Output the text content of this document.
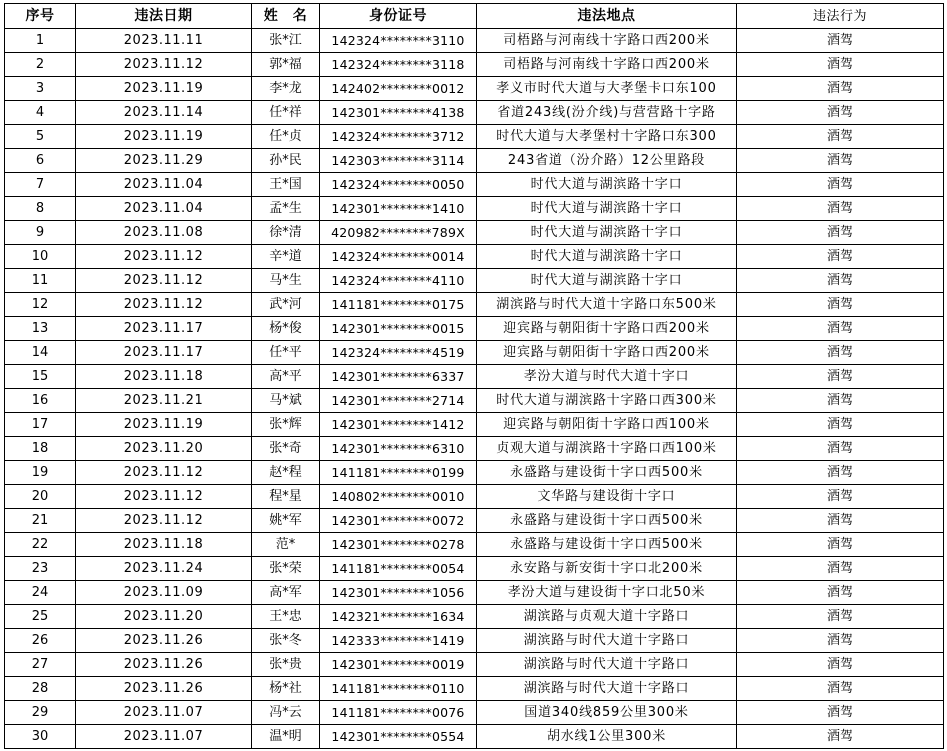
序号	违法日期	姓　名	身份证号	违法地点	违法行为
1	2023.11.11	张*江	142324********3110	司梧路与河南线十字路口西200米	酒驾
2	2023.11.12	郭*福	142324********3118	司梧路与河南线十字路口西200米	酒驾
3	2023.11.19	李*龙	142402********0012	孝义市时代大道与大孝堡卡口东100	酒驾
4	2023.11.14	任*祥	142301********4138	省道243线(汾介线)与营营路十字路	酒驾
5	2023.11.19	任*贞	142324********3712	时代大道与大孝堡村十字路口东300	酒驾
6	2023.11.29	孙*民	142303********3114	243省道（汾介路）12公里路段	酒驾
7	2023.11.04	王*国	142324********0050	时代大道与湖滨路十字口	酒驾
8	2023.11.04	孟*生	142301********1410	时代大道与湖滨路十字口	酒驾
9	2023.11.08	徐*清	420982********789X	时代大道与湖滨路十字口	酒驾
10	2023.11.12	辛*道	142324********0014	时代大道与湖滨路十字口	酒驾
11	2023.11.12	马*生	142324********4110	时代大道与湖滨路十字口	酒驾
12	2023.11.12	武*河	141181********0175	湖滨路与时代大道十字路口东500米	酒驾
13	2023.11.17	杨*俊	142301********0015	迎宾路与朝阳街十字路口西200米	酒驾
14	2023.11.17	任*平	142324********4519	迎宾路与朝阳街十字路口西200米	酒驾
15	2023.11.18	高*平	142301********6337	孝汾大道与时代大道十字口	酒驾
16	2023.11.21	马*斌	142301********2714	时代大道与湖滨路十字路口西300米	酒驾
17	2023.11.19	张*辉	142301********1412	迎宾路与朝阳街十字路口西100米	酒驾
18	2023.11.20	张*奇	142301********6310	贞观大道与湖滨路十字路口西100米	酒驾
19	2023.11.12	赵*程	141181********0199	永盛路与建设街十字口西500米	酒驾
20	2023.11.12	程*星	140802********0010	文华路与建设街十字口	酒驾
21	2023.11.12	姚*军	142301********0072	永盛路与建设街十字口西500米	酒驾
22	2023.11.18	范*	142301********0278	永盛路与建设街十字口西500米	酒驾
23	2023.11.24	张*荣	141181********0054	永安路与新安街十字口北200米	酒驾
24	2023.11.09	高*军	142301********1056	孝汾大道与建设街十字口北50米	酒驾
25	2023.11.20	王*忠	142321********1634	湖滨路与贞观大道十字路口	酒驾
26	2023.11.26	张*冬	142333********1419	湖滨路与时代大道十字路口	酒驾
27	2023.11.26	张*贵	142301********0019	湖滨路与时代大道十字路口	酒驾
28	2023.11.26	杨*社	141181********0110	湖滨路与时代大道十字路口	酒驾
29	2023.11.07	冯*云	141181********0076	国道340线859公里300米	酒驾
30	2023.11.07	温*明	142301********0554	胡水线1公里300米	酒驾
